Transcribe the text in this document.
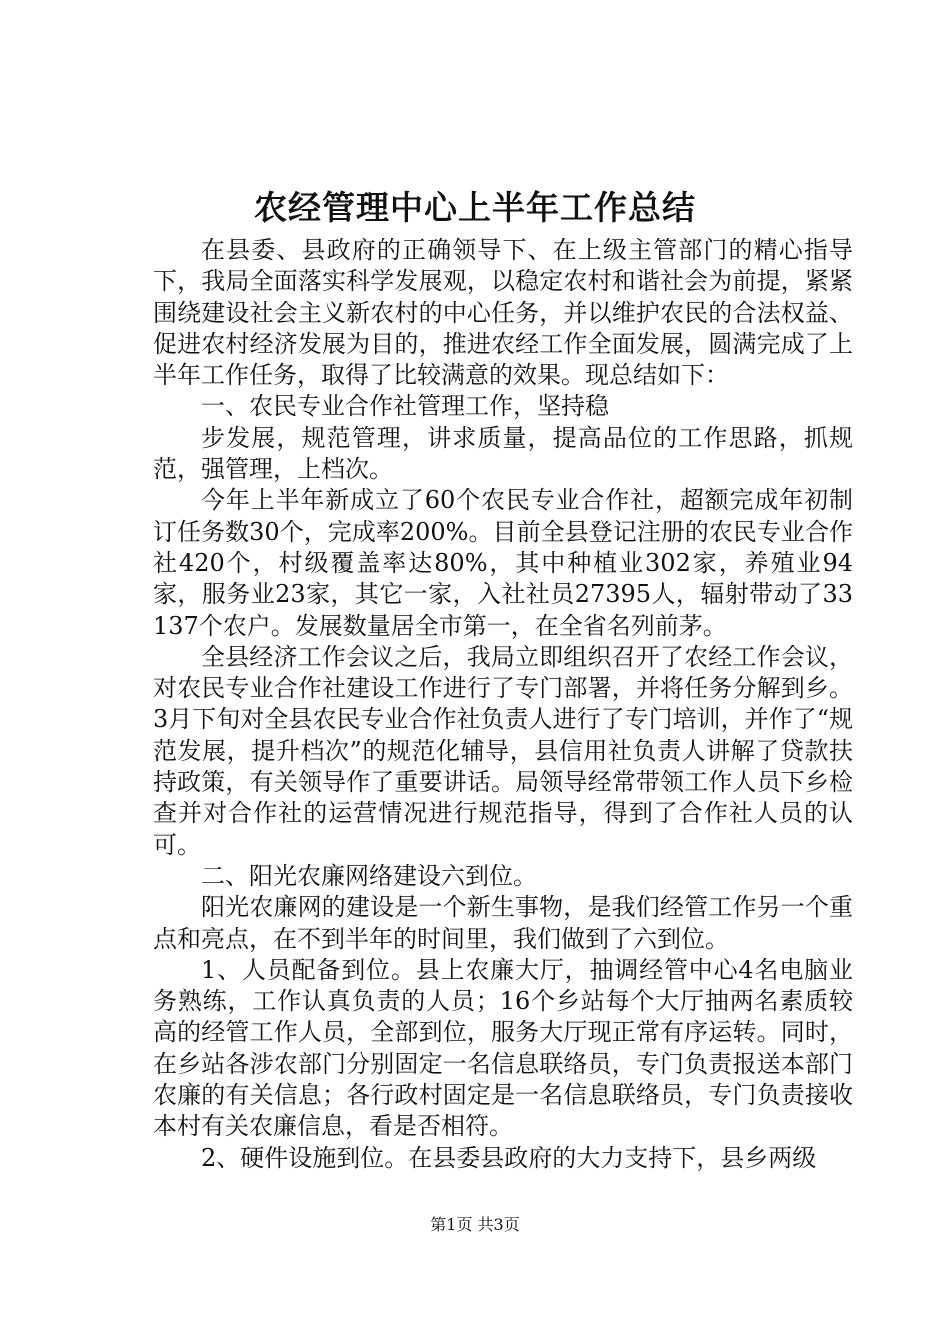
农经管理中心上半年工作总结

在县委、县政府的正确领导下、在上级主管部门的精心指导下，我局全面落实科学发展观，以稳定农村和谐社会为前提，紧紧围绕建设社会主义新农村的中心任务，并以维护农民的合法权益、促进农村经济发展为目的，推进农经工作全面发展，圆满完成了上半年工作任务，取得了比较满意的效果。现总结如下：

一、农民专业合作社管理工作，坚持稳

步发展，规范管理，讲求质量，提高品位的工作思路，抓规范，强管理，上档次。

今年上半年新成立了60个农民专业合作社，超额完成年初制订任务数30个，完成率200%。目前全县登记注册的农民专业合作社420个，村级覆盖率达80%，其中种植业302家，养殖业94家，服务业23家，其它一家，入社社员27395人，辐射带动了33137个农户。发展数量居全市第一，在全省名列前茅。

全县经济工作会议之后，我局立即组织召开了农经工作会议，对农民专业合作社建设工作进行了专门部署，并将任务分解到乡。3月下旬对全县农民专业合作社负责人进行了专门培训，并作了“规范发展，提升档次”的规范化辅导，县信用社负责人讲解了贷款扶持政策，有关领导作了重要讲话。局领导经常带领工作人员下乡检查并对合作社的运营情况进行规范指导，得到了合作社人员的认可。

二、阳光农廉网络建设六到位。

阳光农廉网的建设是一个新生事物，是我们经管工作另一个重点和亮点，在不到半年的时间里，我们做到了六到位。

1、人员配备到位。县上农廉大厅，抽调经管中心4名电脑业务熟练，工作认真负责的人员；16个乡站每个大厅抽两名素质较高的经管工作人员，全部到位，服务大厅现正常有序运转。同时，在乡站各涉农部门分别固定一名信息联络员，专门负责报送本部门农廉的有关信息；各行政村固定是一名信息联络员，专门负责接收本村有关农廉信息，看是否相符。

2、硬件设施到位。在县委县政府的大力支持下，县乡两级

第1页 共3页
